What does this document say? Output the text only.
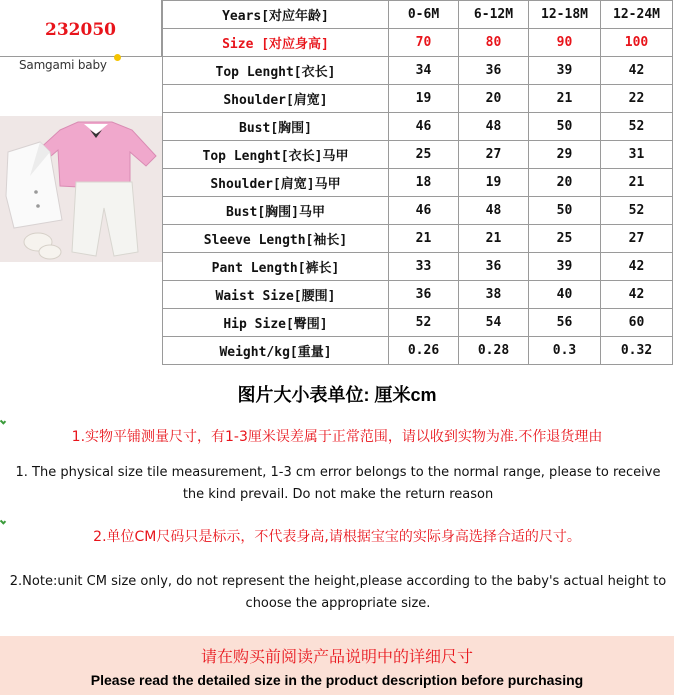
232050
Samgami baby
Years[对应年龄]	0-6M	6-12M	12-18M	12-24M
Size [对应身高]	70	80	90	100
Top Lenght[衣长]	34	36	39	42
Shoulder[肩宽]	19	20	21	22
Bust[胸围]	46	48	50	52
Top Lenght[衣长]马甲	25	27	29	31
Shoulder[肩宽]马甲	18	19	20	21
Bust[胸围]马甲	46	48	50	52
Sleeve Length[袖长]	21	21	25	27
Pant Length[裤长]	33	36	39	42
Waist Size[腰围]	36	38	40	42
Hip Size[臀围]	52	54	56	60
Weight/kg[重量]	0.26	0.28	0.3	0.32
图片大小表单位: 厘米cm
1.实物平铺测量尺寸，有1-3厘米误差属于正常范围，请以收到实物为准.不作退货理由
1. The physical size tile measurement, 1-3 cm error belongs to the normal range, please to receive the kind prevail. Do not make the return reason
2.单位CM尺码只是标示，不代表身高,请根据宝宝的实际身高选择合适的尺寸。
2.Note:unit CM size only, do not represent the height,please according to the baby's actual height to choose the appropriate size.
请在购买前阅读产品说明中的详细尺寸
Please read the detailed size in the product description before purchasing
